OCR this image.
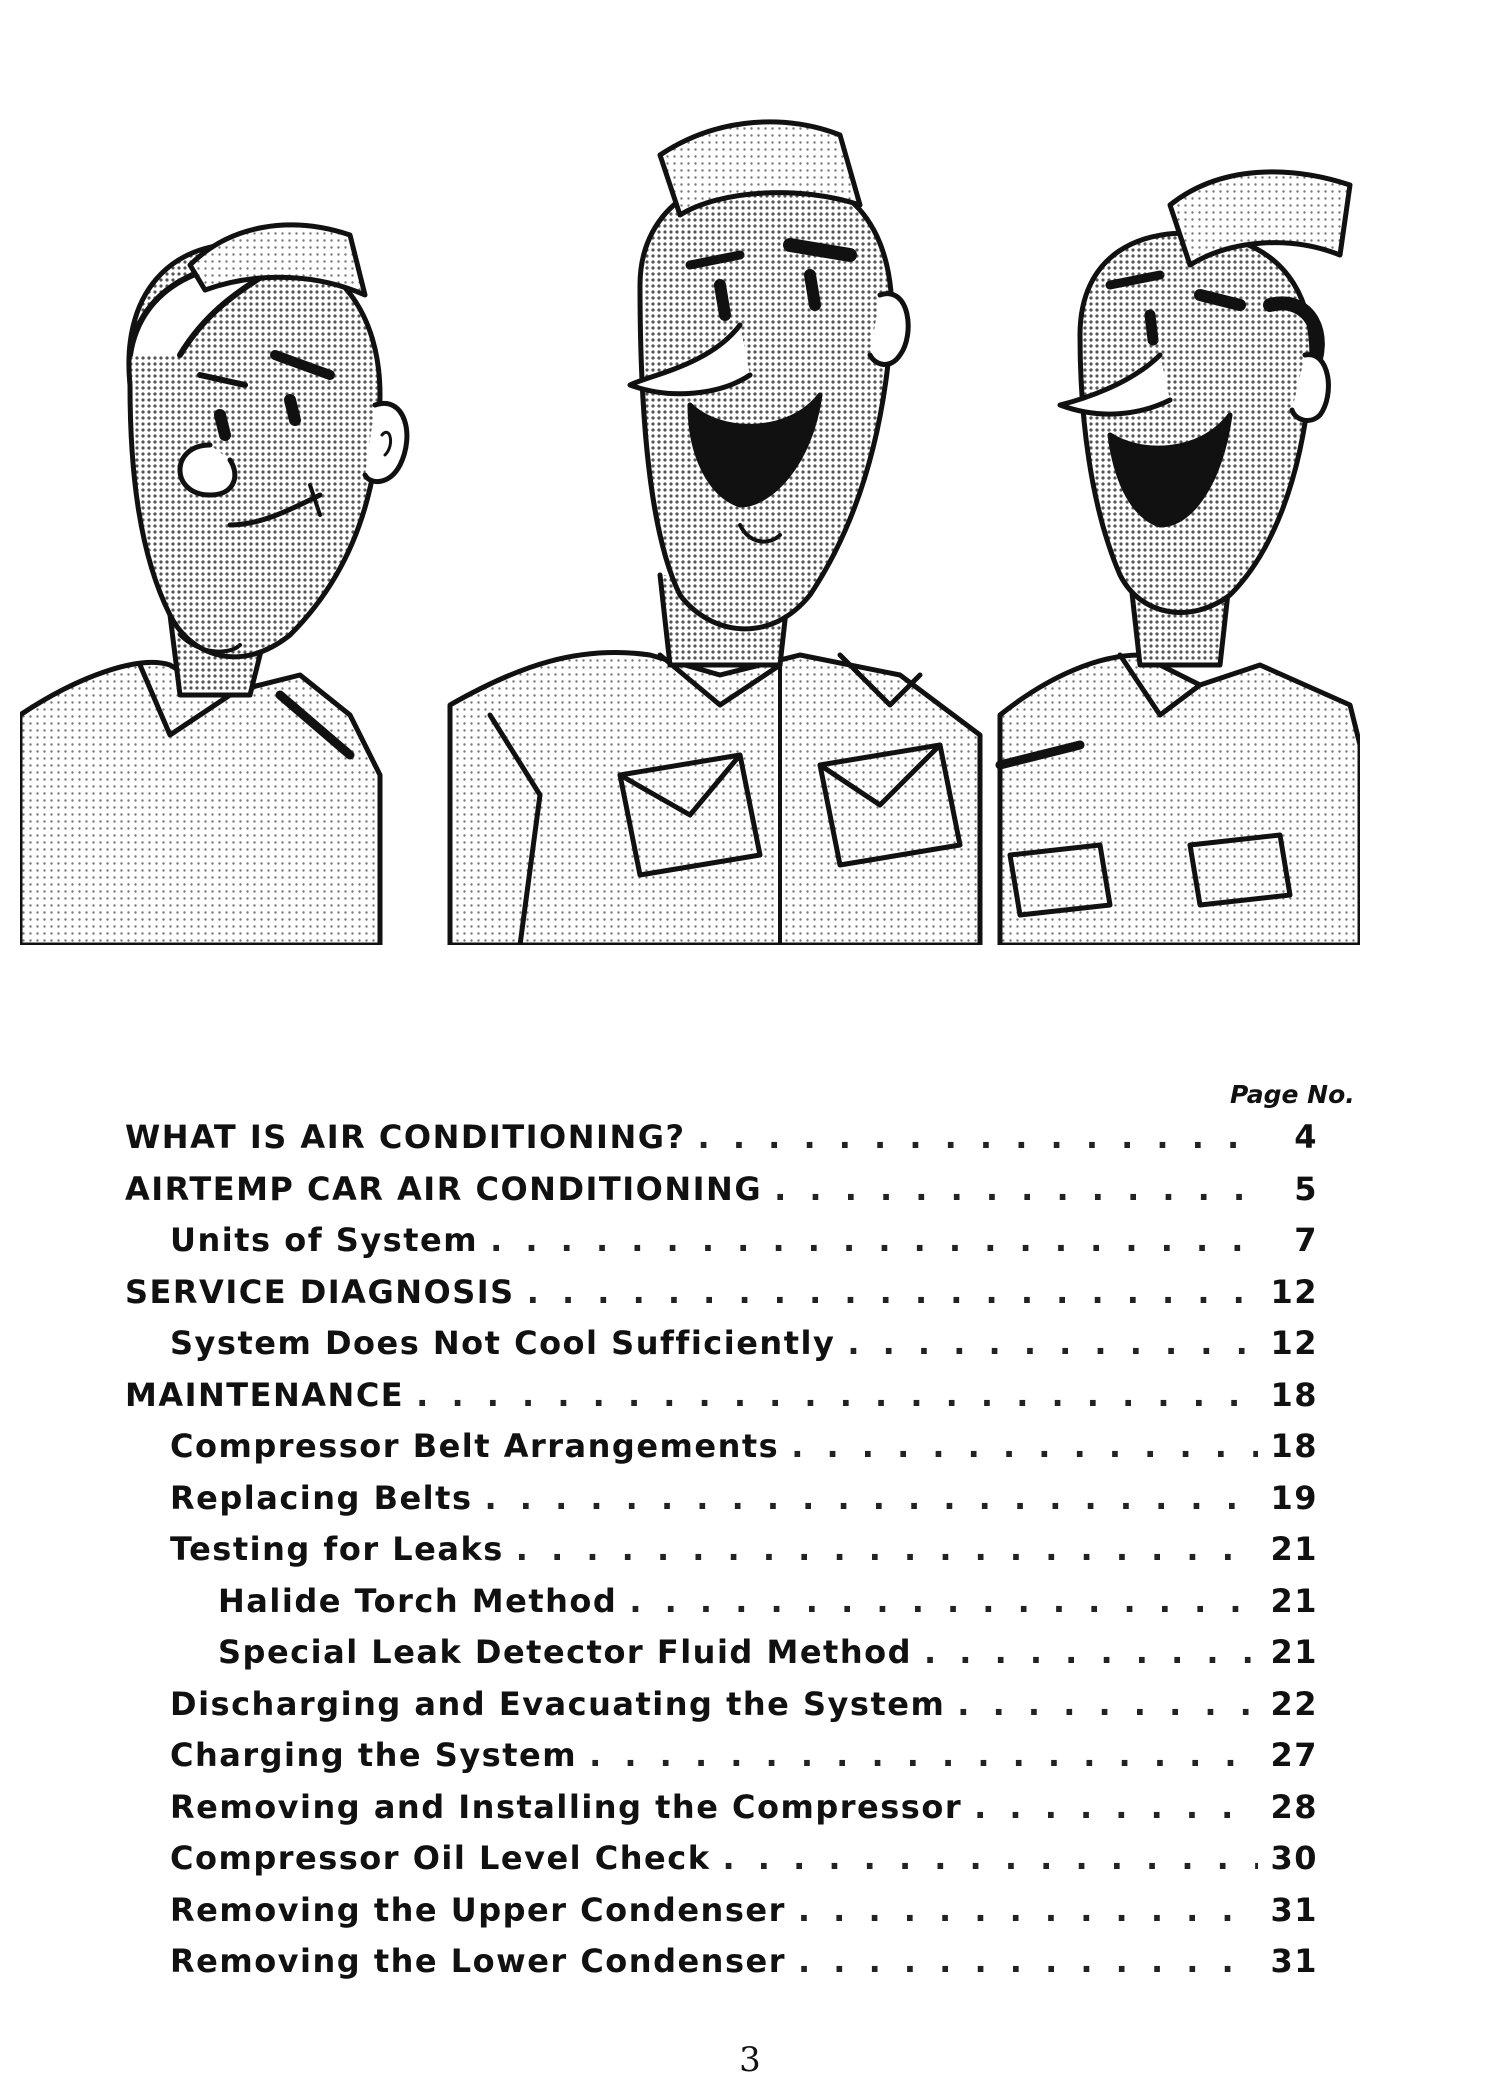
Page No.
WHAT IS AIR CONDITIONING? . . .	4
AIRTEMP CAR AIR CONDITIONING . . .	5
Units of System . . .	7
SERVICE DIAGNOSIS . . .	12
System Does Not Cool Sufficiently . . .	12
MAINTENANCE . . .	18
Compressor Belt Arrangements . . .	18
Replacing Belts . . .	19
Testing for Leaks . . .	21
Halide Torch Method . . .	21
Special Leak Detector Fluid Method . . .	21
Discharging and Evacuating the System . . .	22
Charging the System . . .	27
Removing and Installing the Compressor . . .	28
Compressor Oil Level Check . . .	30
Removing the Upper Condenser . . .	31
Removing the Lower Condenser . . .	31
3
